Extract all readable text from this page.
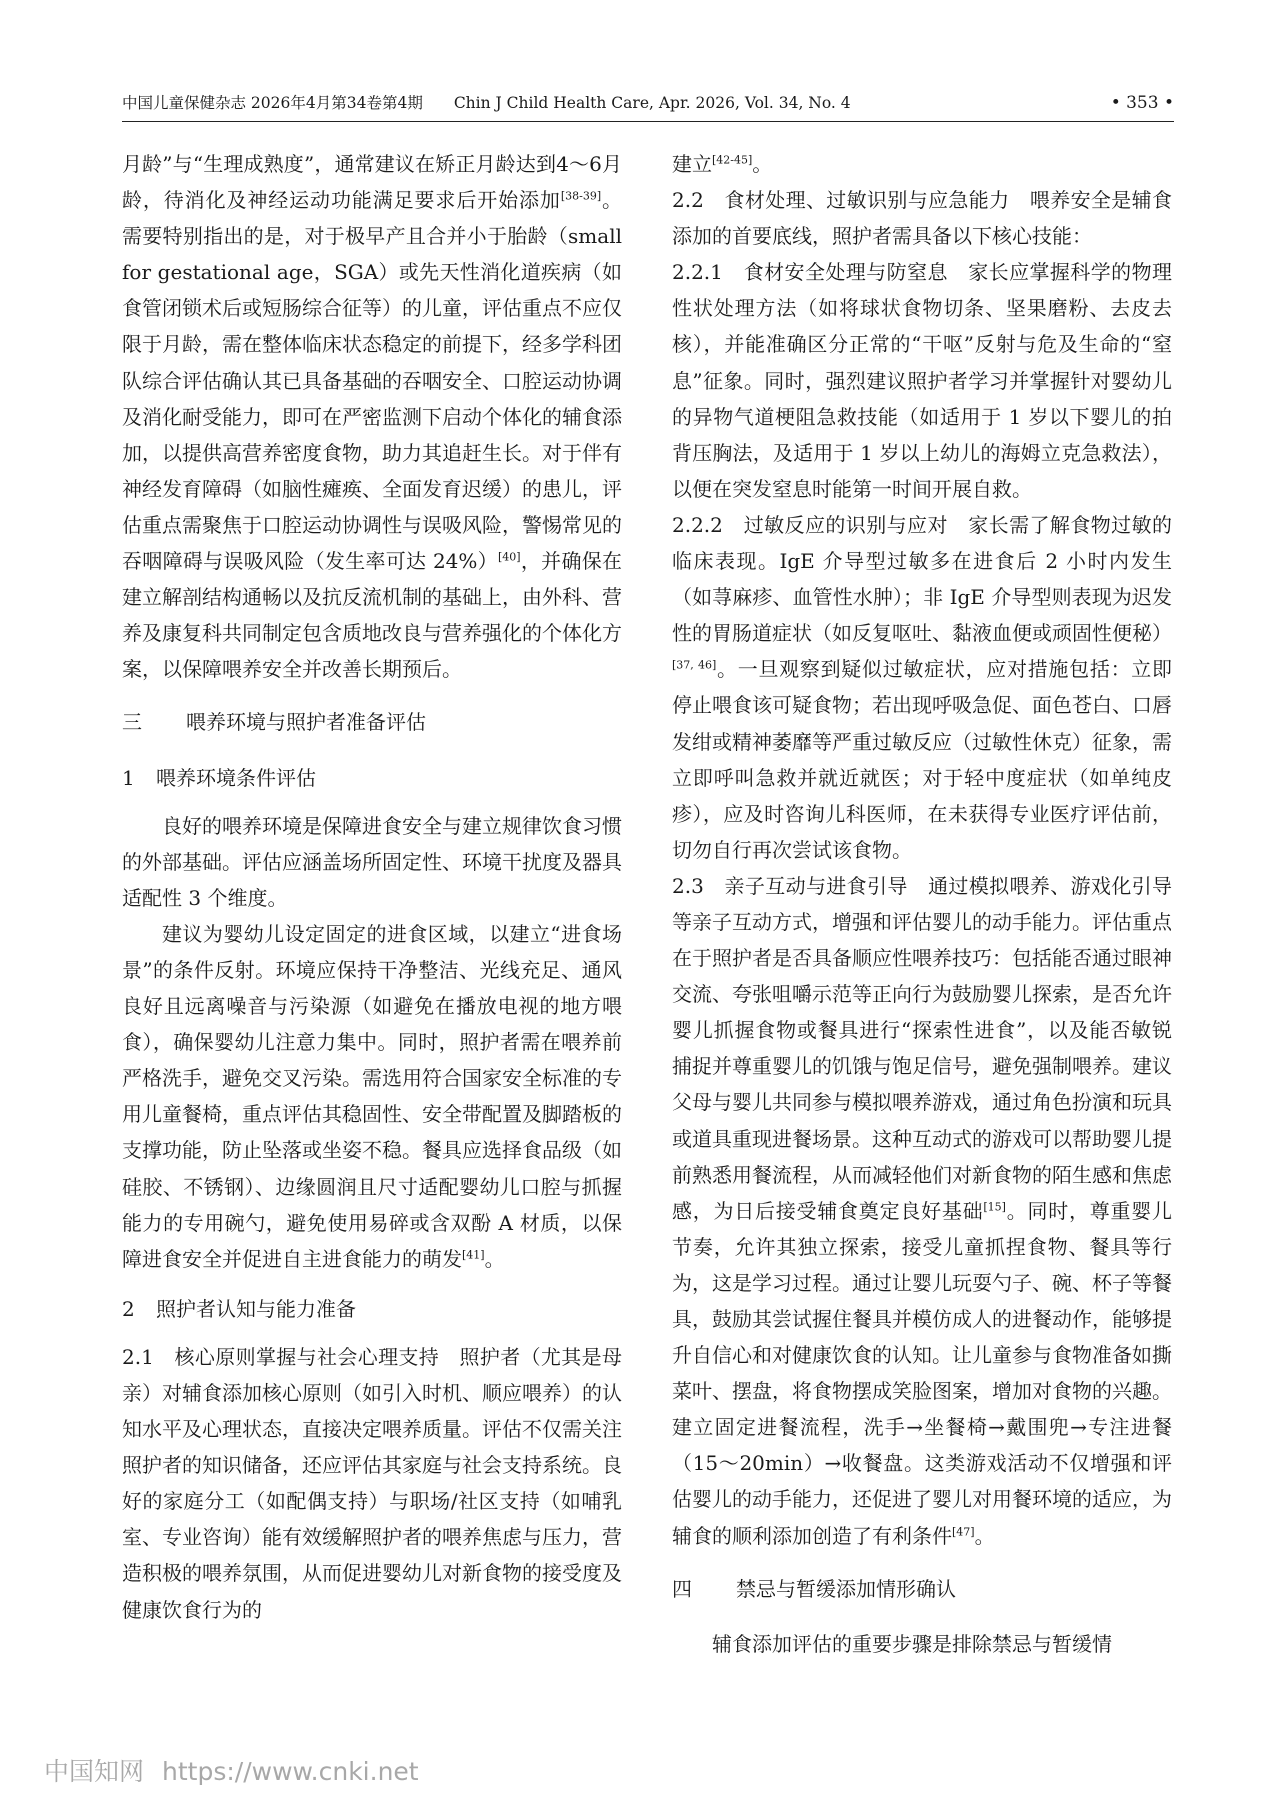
中国儿童保健杂志 2026年4月第34卷第4期　　Chin J Child Health Care, Apr. 2026, Vol. 34, No. 4	• 353 •

月龄”与“生理成熟度”，通常建议在矫正月龄达到4～6月龄，待消化及神经运动功能满足要求后开始添加[38-39]。需要特别指出的是，对于极早产且合并小于胎龄（small for gestational age，SGA）或先天性消化道疾病（如食管闭锁术后或短肠综合征等）的儿童，评估重点不应仅限于月龄，需在整体临床状态稳定的前提下，经多学科团队综合评估确认其已具备基础的吞咽安全、口腔运动协调及消化耐受能力，即可在严密监测下启动个体化的辅食添加，以提供高营养密度食物，助力其追赶生长。对于伴有神经发育障碍（如脑性瘫痪、全面发育迟缓）的患儿，评估重点需聚焦于口腔运动协调性与误吸风险，警惕常见的吞咽障碍与误吸风险（发生率可达 24%）[40]，并确保在建立解剖结构通畅以及抗反流机制的基础上，由外科、营养及康复科共同制定包含质地改良与营养强化的个体化方案，以保障喂养安全并改善长期预后。

三 喂养环境与照护者准备评估
1 喂养环境条件评估

良好的喂养环境是保障进食安全与建立规律饮食习惯的外部基础。评估应涵盖场所固定性、环境干扰度及器具适配性 3 个维度。

建议为婴幼儿设定固定的进食区域，以建立“进食场景”的条件反射。环境应保持干净整洁、光线充足、通风良好且远离噪音与污染源（如避免在播放电视的地方喂食），确保婴幼儿注意力集中。同时，照护者需在喂养前严格洗手，避免交叉污染。需选用符合国家安全标准的专用儿童餐椅，重点评估其稳固性、安全带配置及脚踏板的支撑功能，防止坠落或坐姿不稳。餐具应选择食品级（如硅胶、不锈钢）、边缘圆润且尺寸适配婴幼儿口腔与抓握能力的专用碗勺，避免使用易碎或含双酚 A 材质，以保障进食安全并促进自主进食能力的萌发[41]。

2 照护者认知与能力准备

2.1　核心原则掌握与社会心理支持　照护者（尤其是母亲）对辅食添加核心原则（如引入时机、顺应喂养）的认知水平及心理状态，直接决定喂养质量。评估不仅需关注照护者的知识储备，还应评估其家庭与社会支持系统。良好的家庭分工（如配偶支持）与职场/社区支持（如哺乳室、专业咨询）能有效缓解照护者的喂养焦虑与压力，营造积极的喂养氛围，从而促进婴幼儿对新食物的接受度及健康饮食行为的

建立[42-45]。

2.2　食材处理、过敏识别与应急能力　喂养安全是辅食添加的首要底线，照护者需具备以下核心技能：

2.2.1　食材安全处理与防窒息　家长应掌握科学的物理性状处理方法（如将球状食物切条、坚果磨粉、去皮去核），并能准确区分正常的“干呕”反射与危及生命的“窒息”征象。同时，强烈建议照护者学习并掌握针对婴幼儿的异物气道梗阻急救技能（如适用于 1 岁以下婴儿的拍背压胸法，及适用于 1 岁以上幼儿的海姆立克急救法），以便在突发窒息时能第一时间开展自救。

2.2.2　过敏反应的识别与应对　家长需了解食物过敏的临床表现。IgE 介导型过敏多在进食后 2 小时内发生（如荨麻疹、血管性水肿）；非 IgE 介导型则表现为迟发性的胃肠道症状（如反复呕吐、黏液血便或顽固性便秘）[37, 46]。一旦观察到疑似过敏症状，应对措施包括：立即停止喂食该可疑食物；若出现呼吸急促、面色苍白、口唇发绀或精神萎靡等严重过敏反应（过敏性休克）征象，需立即呼叫急救并就近就医；对于轻中度症状（如单纯皮疹），应及时咨询儿科医师，在未获得专业医疗评估前，切勿自行再次尝试该食物。

2.3　亲子互动与进食引导　通过模拟喂养、游戏化引导等亲子互动方式，增强和评估婴儿的动手能力。评估重点在于照护者是否具备顺应性喂养技巧：包括能否通过眼神交流、夸张咀嚼示范等正向行为鼓励婴儿探索，是否允许婴儿抓握食物或餐具进行“探索性进食”，以及能否敏锐捕捉并尊重婴儿的饥饿与饱足信号，避免强制喂养。建议父母与婴儿共同参与模拟喂养游戏，通过角色扮演和玩具或道具重现进餐场景。这种互动式的游戏可以帮助婴儿提前熟悉用餐流程，从而减轻他们对新食物的陌生感和焦虑感，为日后接受辅食奠定良好基础[15]。同时，尊重婴儿节奏，允许其独立探索，接受儿童抓捏食物、餐具等行为，这是学习过程。通过让婴儿玩耍勺子、碗、杯子等餐具，鼓励其尝试握住餐具并模仿成人的进餐动作，能够提升自信心和对健康饮食的认知。让儿童参与食物准备如撕菜叶、摆盘，将食物摆成笑脸图案，增加对食物的兴趣。建立固定进餐流程，洗手→坐餐椅→戴围兜→专注进餐（15～20min）→收餐盘。这类游戏活动不仅增强和评估婴儿的动手能力，还促进了婴儿对用餐环境的适应，为辅食的顺利添加创造了有利条件[47]。

四 禁忌与暂缓添加情形确认

辅食添加评估的重要步骤是排除禁忌与暂缓情

中国知网 https://www.cnki.net
